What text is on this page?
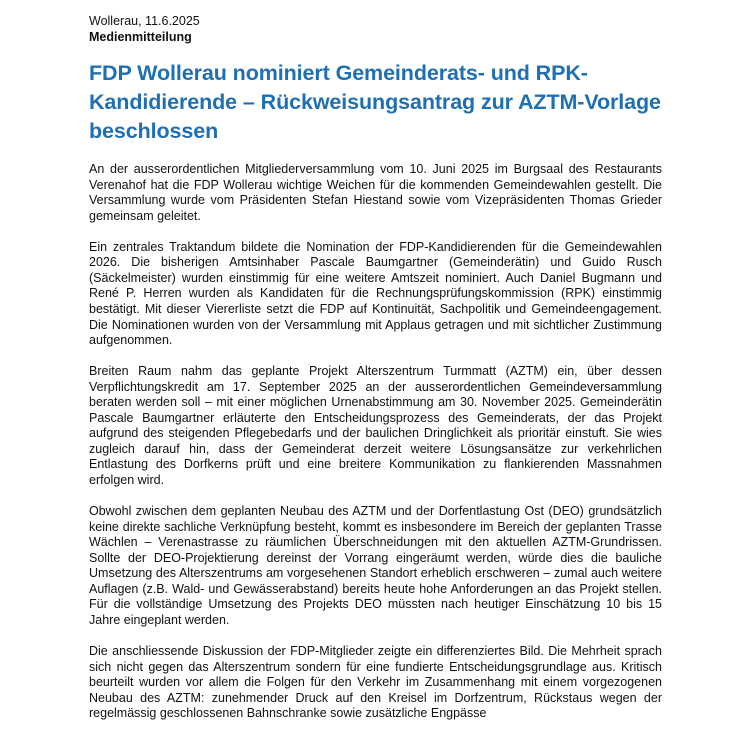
Wollerau, 11.6.2025

Medienmitteilung

FDP Wollerau nominiert Gemeinderats- und RPK-Kandidierende – Rückweisungsantrag zur AZTM-Vorlage beschlossen

An der ausserordentlichen Mitgliederversammlung vom 10. Juni 2025 im Burgsaal des Restaurants Verenahof hat die FDP Wollerau wichtige Weichen für die kommenden Gemeindewahlen gestellt. Die Versammlung wurde vom Präsidenten Stefan Hiestand sowie vom Vizepräsidenten Thomas Grieder gemeinsam geleitet.

Ein zentrales Traktandum bildete die Nomination der FDP-Kandidierenden für die Gemeindewahlen 2026. Die bisherigen Amtsinhaber Pascale Baumgartner (Gemeinderätin) und Guido Rusch (Säckelmeister) wurden einstimmig für eine weitere Amtszeit nominiert. Auch Daniel Bugmann und René P. Herren wurden als Kandidaten für die Rechnungsprüfungskommission (RPK) einstimmig bestätigt. Mit dieser Viererliste setzt die FDP auf Kontinuität, Sachpolitik und Gemeindeengagement. Die Nominationen wurden von der Versammlung mit Applaus getragen und mit sichtlicher Zustimmung aufgenommen.

Breiten Raum nahm das geplante Projekt Alterszentrum Turmmatt (AZTM) ein, über dessen Verpflichtungskredit am 17. September 2025 an der ausserordentlichen Gemeindeversammlung beraten werden soll – mit einer möglichen Urnenabstimmung am 30. November 2025. Gemeinderätin Pascale Baumgartner erläuterte den Entscheidungsprozess des Gemeinderats, der das Projekt aufgrund des steigenden Pflegebedarfs und der baulichen Dringlichkeit als prioritär einstuft. Sie wies zugleich darauf hin, dass der Gemeinderat derzeit weitere Lösungsansätze zur verkehrlichen Entlastung des Dorfkerns prüft und eine breitere Kommunikation zu flankierenden Massnahmen erfolgen wird.

Obwohl zwischen dem geplanten Neubau des AZTM und der Dorfentlastung Ost (DEO) grundsätzlich keine direkte sachliche Verknüpfung besteht, kommt es insbesondere im Bereich der geplanten Trasse Wächlen – Verenastrasse zu räumlichen Überschneidungen mit den aktuellen AZTM-Grundrissen. Sollte der DEO-Projektierung dereinst der Vorrang eingeräumt werden, würde dies die bauliche Umsetzung des Alterszentrums am vorgesehenen Standort erheblich erschweren – zumal auch weitere Auflagen (z.B. Wald- und Gewässerabstand) bereits heute hohe Anforderungen an das Projekt stellen. Für die vollständige Umsetzung des Projekts DEO müssten nach heutiger Einschätzung 10 bis 15 Jahre eingeplant werden.

Die anschliessende Diskussion der FDP-Mitglieder zeigte ein differenziertes Bild. Die Mehrheit sprach sich nicht gegen das Alterszentrum sondern für eine fundierte Entscheidungsgrundlage aus. Kritisch beurteilt wurden vor allem die Folgen für den Verkehr im Zusammenhang mit einem vorgezogenen Neubau des AZTM: zunehmender Druck auf den Kreisel im Dorfzentrum, Rückstaus wegen der regelmässig geschlossenen Bahnschranke sowie zusätzliche Engpässe
